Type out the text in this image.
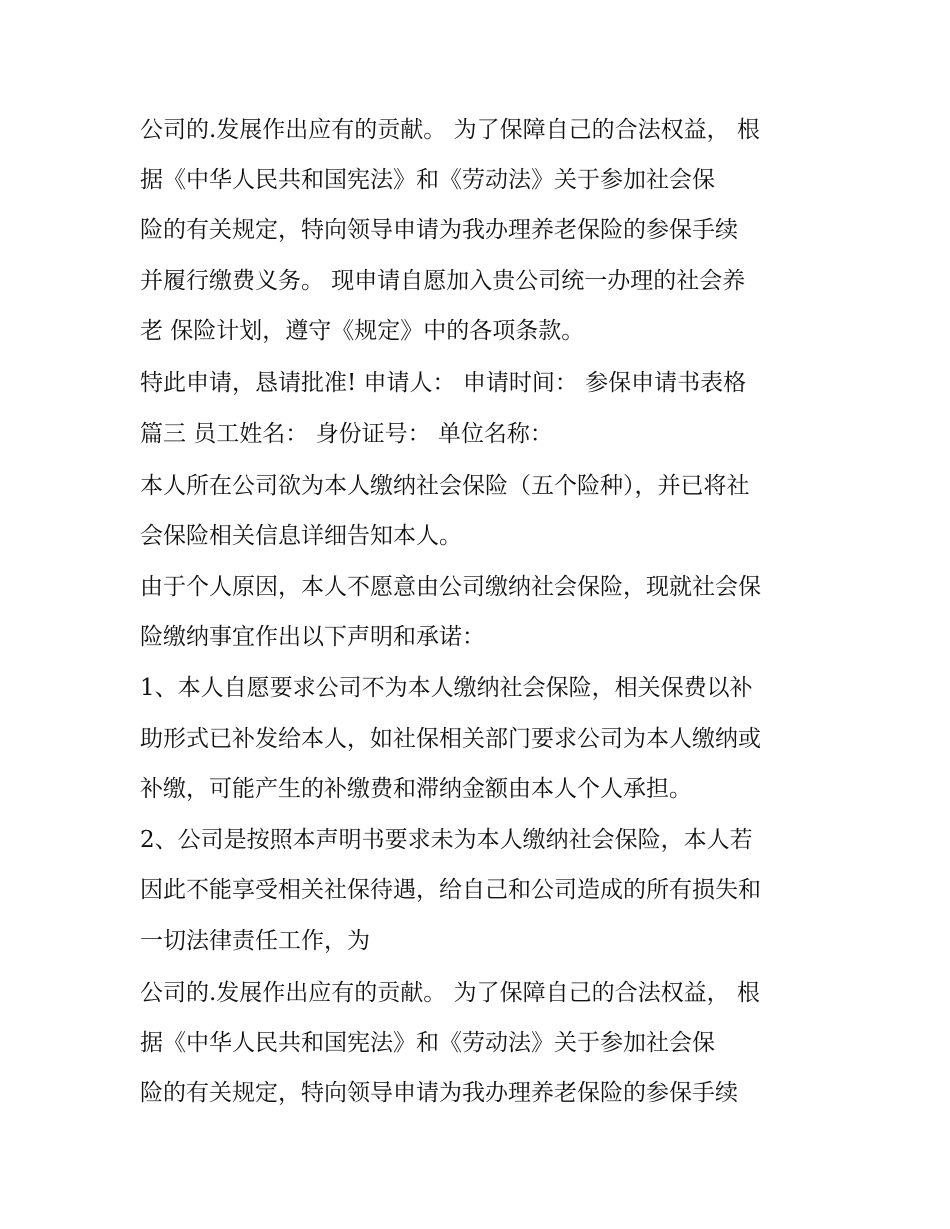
公司的.发展作出应有的贡献。 为了保障自己的合法权益， 根
据《中华人民共和国宪法》和《劳动法》关于参加社会保
险的有关规定，特向领导申请为我办理养老保险的参保手续
并履行缴费义务。 现申请自愿加入贵公司统一办理的社会养
老 保险计划，遵守《规定》中的各项条款。
特此申请，恳请批准! 申请人： 申请时间： 参保申请书表格
篇三 员工姓名： 身份证号： 单位名称：
本人所在公司欲为本人缴纳社会保险（五个险种），并已将社
会保险相关信息详细告知本人。
由于个人原因，本人不愿意由公司缴纳社会保险，现就社会保
险缴纳事宜作出以下声明和承诺：
1、本人自愿要求公司不为本人缴纳社会保险，相关保费以补
助形式已补发给本人，如社保相关部门要求公司为本人缴纳或
补缴，可能产生的补缴费和滞纳金额由本人个人承担。
2、公司是按照本声明书要求未为本人缴纳社会保险，本人若
因此不能享受相关社保待遇，给自己和公司造成的所有损失和
一切法律责任工作，为
公司的.发展作出应有的贡献。 为了保障自己的合法权益， 根
据《中华人民共和国宪法》和《劳动法》关于参加社会保
险的有关规定，特向领导申请为我办理养老保险的参保手续
